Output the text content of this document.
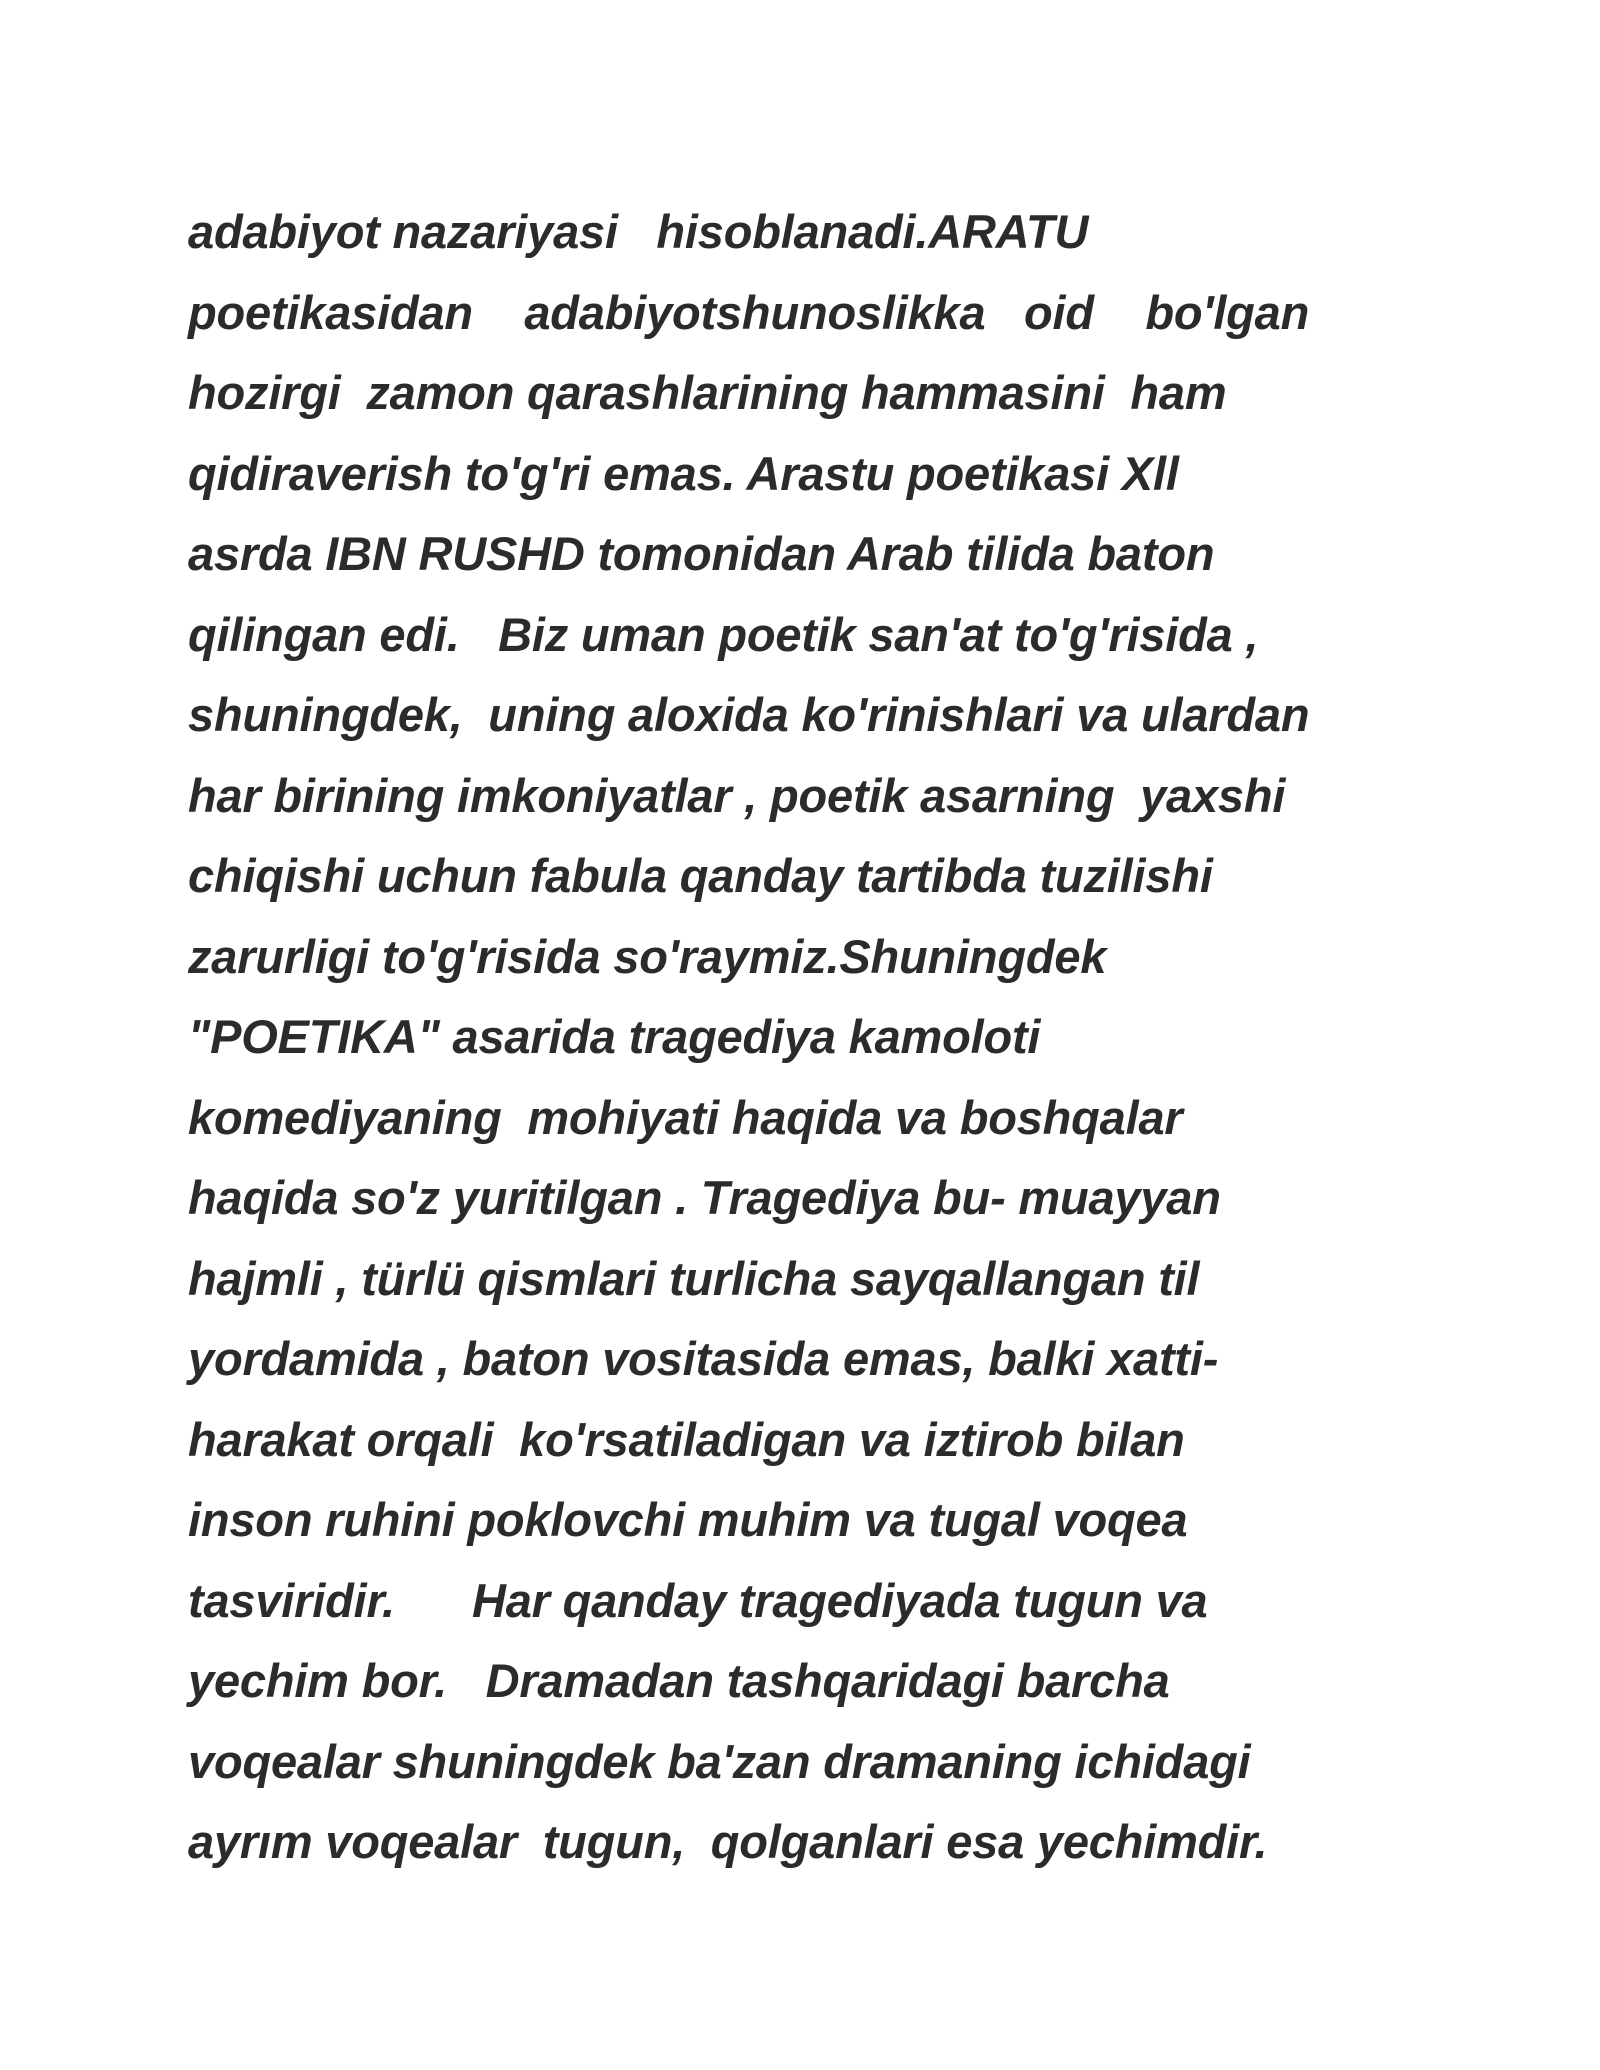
adabiyot nazariyasi   hisoblanadi.ARATU
poetikasidan    adabiyotshunoslikka   oid    bo'lgan
hozirgi  zamon qarashlarining hammasini  ham
qidiraverish to'g'ri emas. Arastu poetikasi Xll
asrda IBN RUSHD tomonidan Arab tilida baton
qilingan edi.   Biz uman poetik san'at to'g'risida ,
shuningdek,  uning aloxida ko'rinishlari va ulardan
har birining imkoniyatlar , poetik asarning  yaxshi
chiqishi uchun fabula qanday tartibda tuzilishi
zarurligi to'g'risida so'raymiz.Shuningdek
"POETIKA" asarida tragediya kamoloti
komediyaning  mohiyati haqida va boshqalar
haqida so'z yuritilgan . Tragediya bu- muayyan
hajmli , türlü qismlari turlicha sayqallangan til
yordamida , baton vositasida emas, balki xatti-
harakat orqali  ko'rsatiladigan va iztirob bilan
inson ruhini poklovchi muhim va tugal voqea
tasviridir.      Har qanday tragediyada tugun va
yechim bor.   Dramadan tashqaridagi barcha
voqealar shuningdek ba'zan dramaning ichidagi
ayrım voqealar  tugun,  qolganlari esa yechimdir.
